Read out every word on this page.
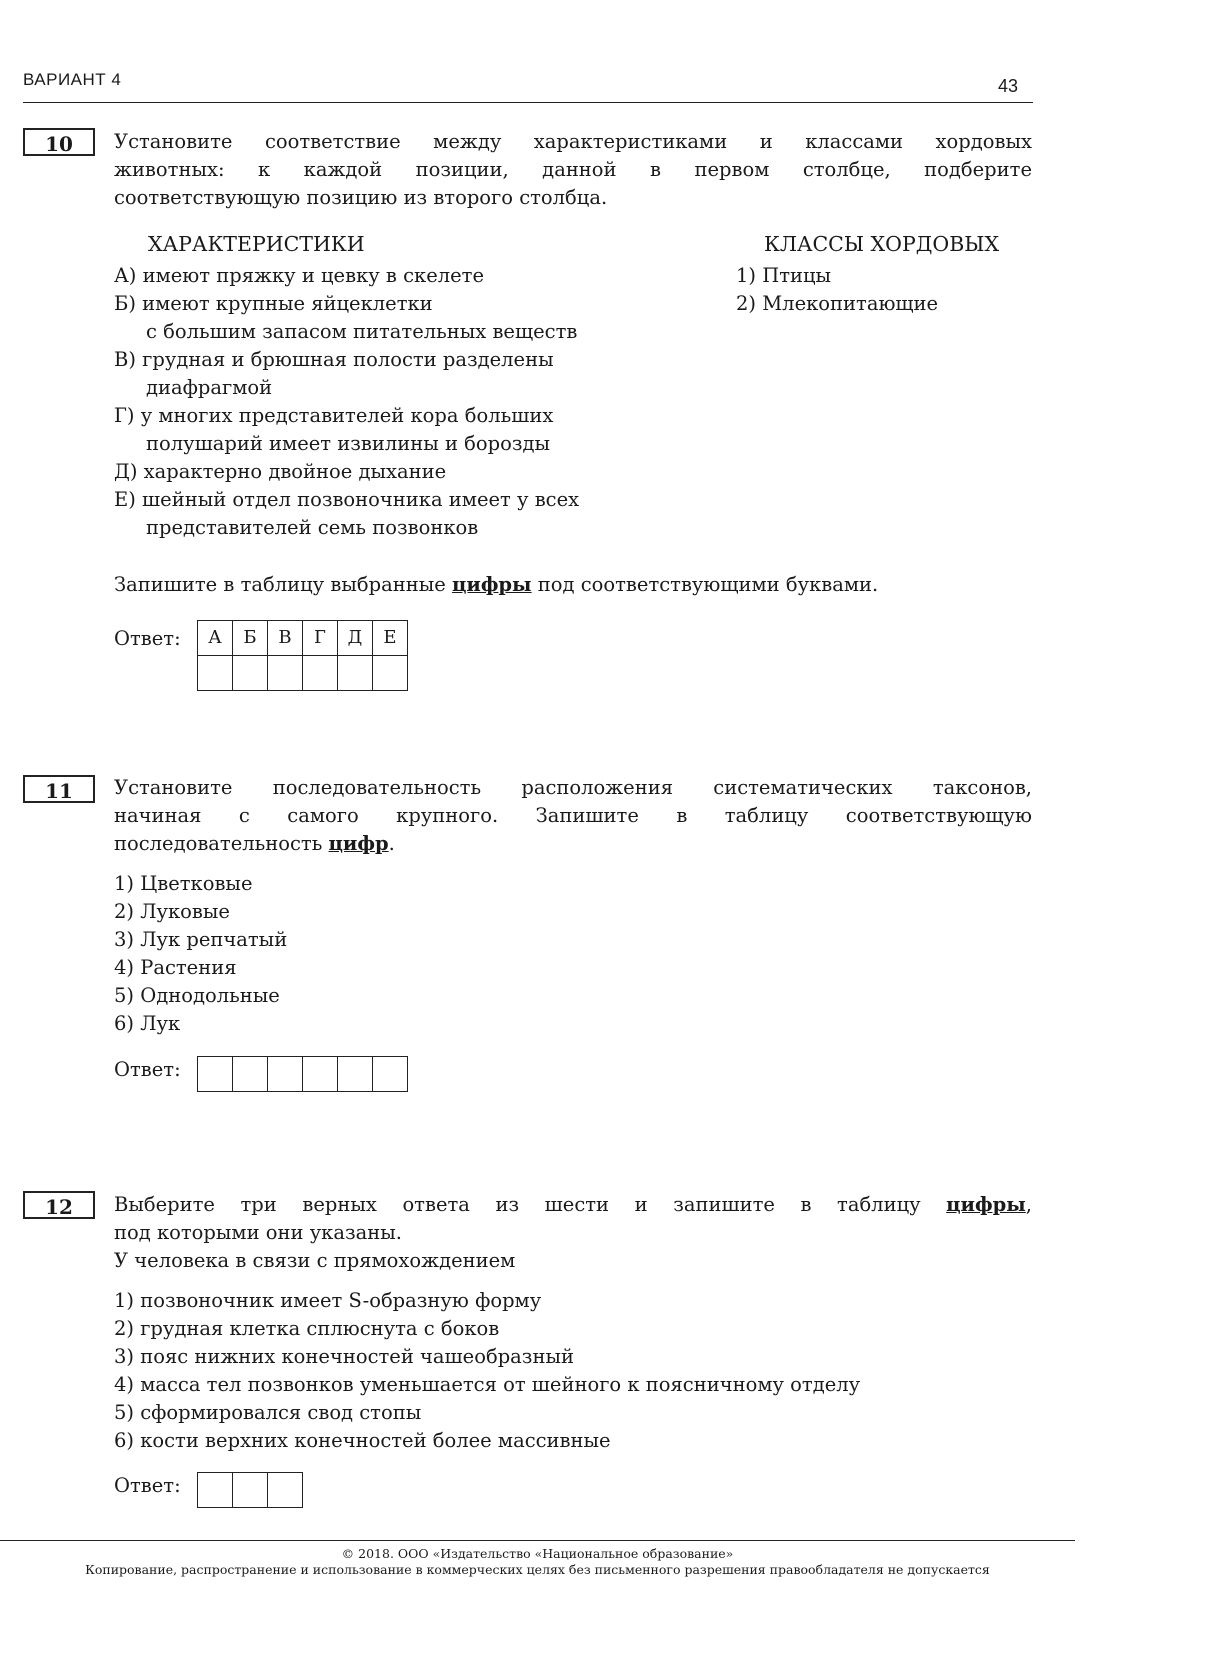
ВАРИАНТ 4	43
10	Установите соответствие между характеристиками и классами хордовых
животных: к каждой позиции, данной в первом столбце, подберите
соответствующую позицию из второго столбца.
ХАРАКТЕРИСТИКИ	КЛАССЫ ХОРДОВЫХ
А) имеют пряжку и цевку в скелете
Б) имеют крупные яйцеклетки
с большим запасом питательных веществ
В) грудная и брюшная полости разделены
диафрагмой
Г) у многих представителей кора больших
полушарий имеет извилины и борозды
Д) характерно двойное дыхание
Е) шейный отдел позвоночника имеет у всех
представителей семь позвонков
1) Птицы
2) Млекопитающие
Запишите в таблицу выбранные цифры под соответствующими буквами.
Ответ: А	Б	В	Г	Д	Е

11	Установите последовательность расположения систематических таксонов,
начиная с самого крупного. Запишите в таблицу соответствующую
последовательность цифр.
1) Цветковые
2) Луковые
3) Лук репчатый
4) Растения
5) Однодольные
6) Лук
Ответ:

12	Выберите три верных ответа из шести и запишите в таблицу цифры,
под которыми они указаны.
У человека в связи с прямохождением
1) позвоночник имеет S-образную форму
2) грудная клетка сплюснута с боков
3) пояс нижних конечностей чашеобразный
4) масса тел позвонков уменьшается от шейного к поясничному отделу
5) сформировался свод стопы
6) кости верхних конечностей более массивные
Ответ:

© 2018. ООО «Издательство «Национальное образование»
Копирование, распространение и использование в коммерческих целях без письменного разрешения правообладателя не допускается
